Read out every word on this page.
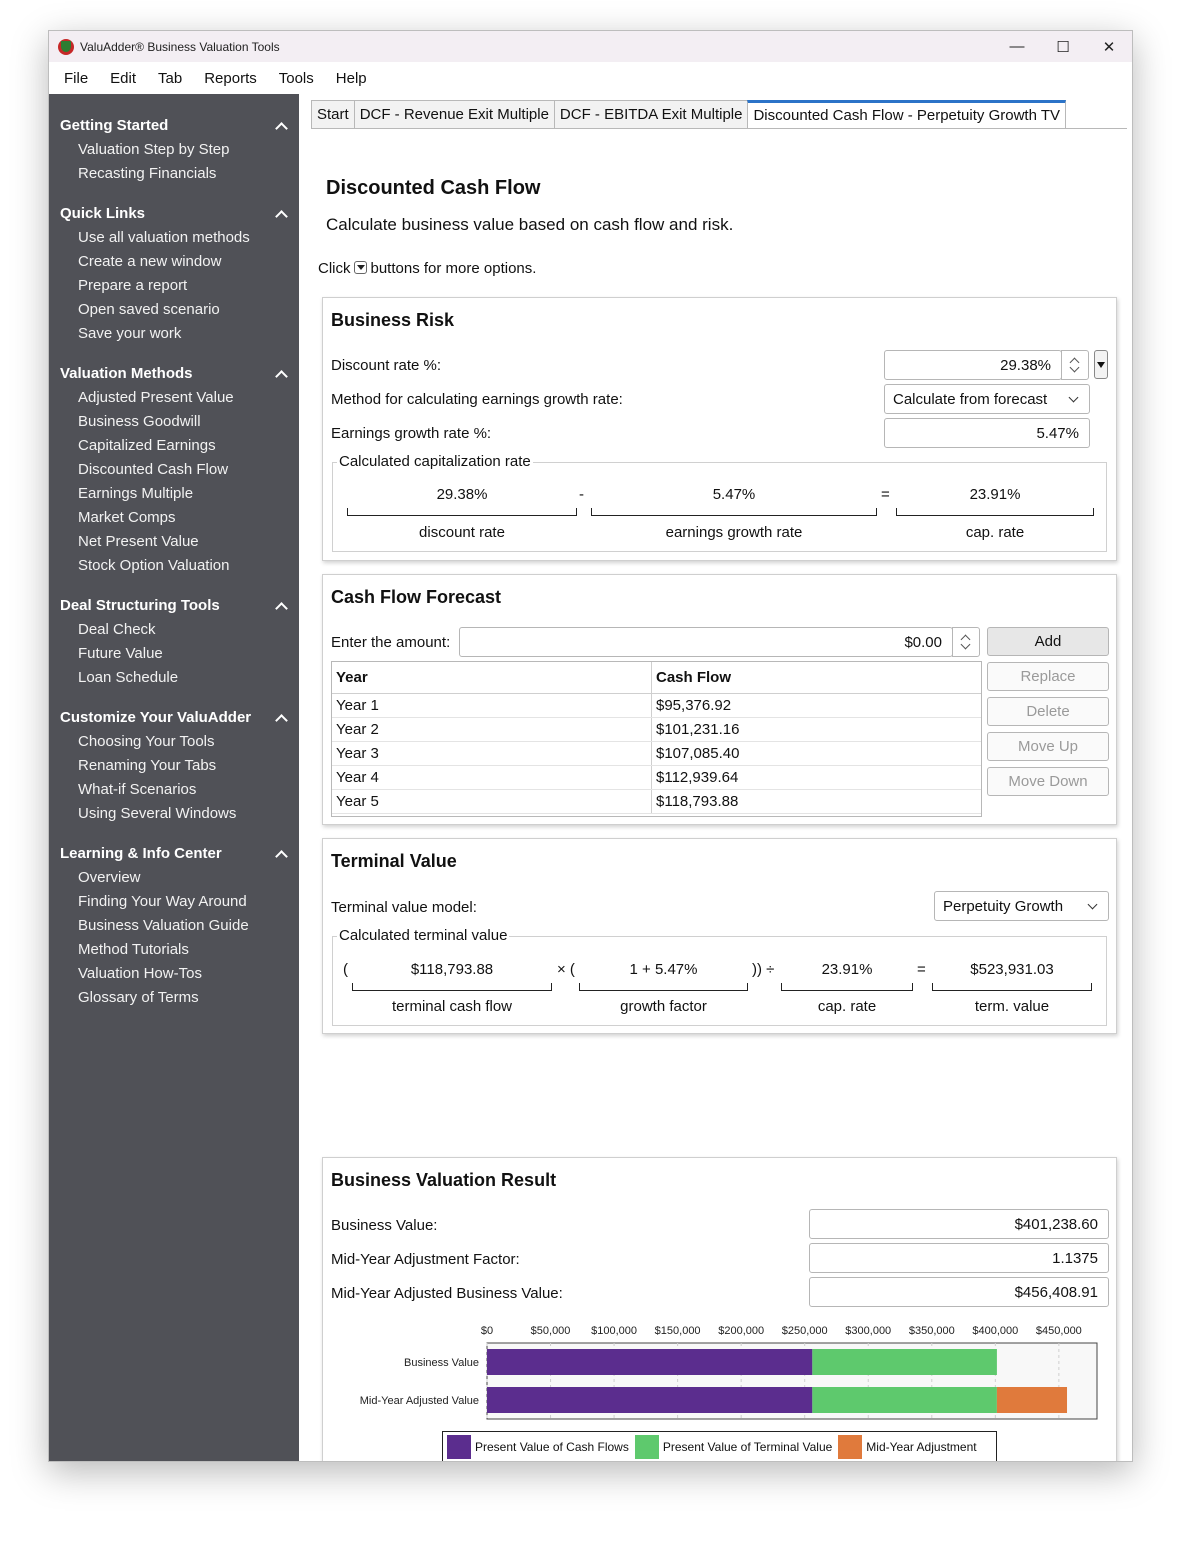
ValuAdder® Business Valuation Tools	—	☐	✕
File	Edit	Tab	Reports	Tools	Help
Getting Started
Valuation Step by Step
Recasting Financials
Quick Links
Use all valuation methods
Create a new window
Prepare a report
Open saved scenario
Save your work
Valuation Methods
Adjusted Present Value
Business Goodwill
Capitalized Earnings
Discounted Cash Flow
Earnings Multiple
Market Comps
Net Present Value
Stock Option Valuation
Deal Structuring Tools
Deal Check
Future Value
Loan Schedule
Customize Your ValuAdder
Choosing Your Tools
Renaming Your Tabs
What-if Scenarios
Using Several Windows
Learning & Info Center
Overview
Finding Your Way Around
Business Valuation Guide
Method Tutorials
Valuation How-Tos
Glossary of Terms
Start DCF - Revenue Exit Multiple DCF - EBITDA Exit Multiple Discounted Cash Flow - Perpetuity Growth TV
Discounted Cash Flow
Calculate business value based on cash flow and risk.
Click buttons for more options.
Business Risk
Discount rate %:	29.38%
Method for calculating earnings growth rate:	Calculate from forecast
Earnings growth rate %:	5.47%
Calculated capitalization rate
29.38%	-	5.47%	=	23.91%
discount rate	earnings growth rate	cap. rate
Cash Flow Forecast
Enter the amount:	$0.00
Year	Cash Flow
Year 1	$95,376.92
Year 2	$101,231.16
Year 3	$107,085.40
Year 4	$112,939.64
Year 5	$118,793.88
Add
Replace
Delete
Move Up
Move Down
Terminal Value
Terminal value model:	Perpetuity Growth
Calculated terminal value
(	$118,793.88	× (	1 + 5.47%	)) ÷	23.91%	=	$523,931.03
terminal cash flow	growth factor	cap. rate	term. value
Business Valuation Result
Business Value:	$401,238.60
Mid-Year Adjustment Factor:	1.1375
Mid-Year Adjusted Business Value:	$456,408.91
$0	$50,000 $100,000 $150,000 $200,000 $250,000 $300,000 $350,000 $400,000 $450,000
Business Value
Mid-Year Adjusted Value
Present Value of Cash Flows	Present Value of Terminal Value	Mid-Year Adjustment
